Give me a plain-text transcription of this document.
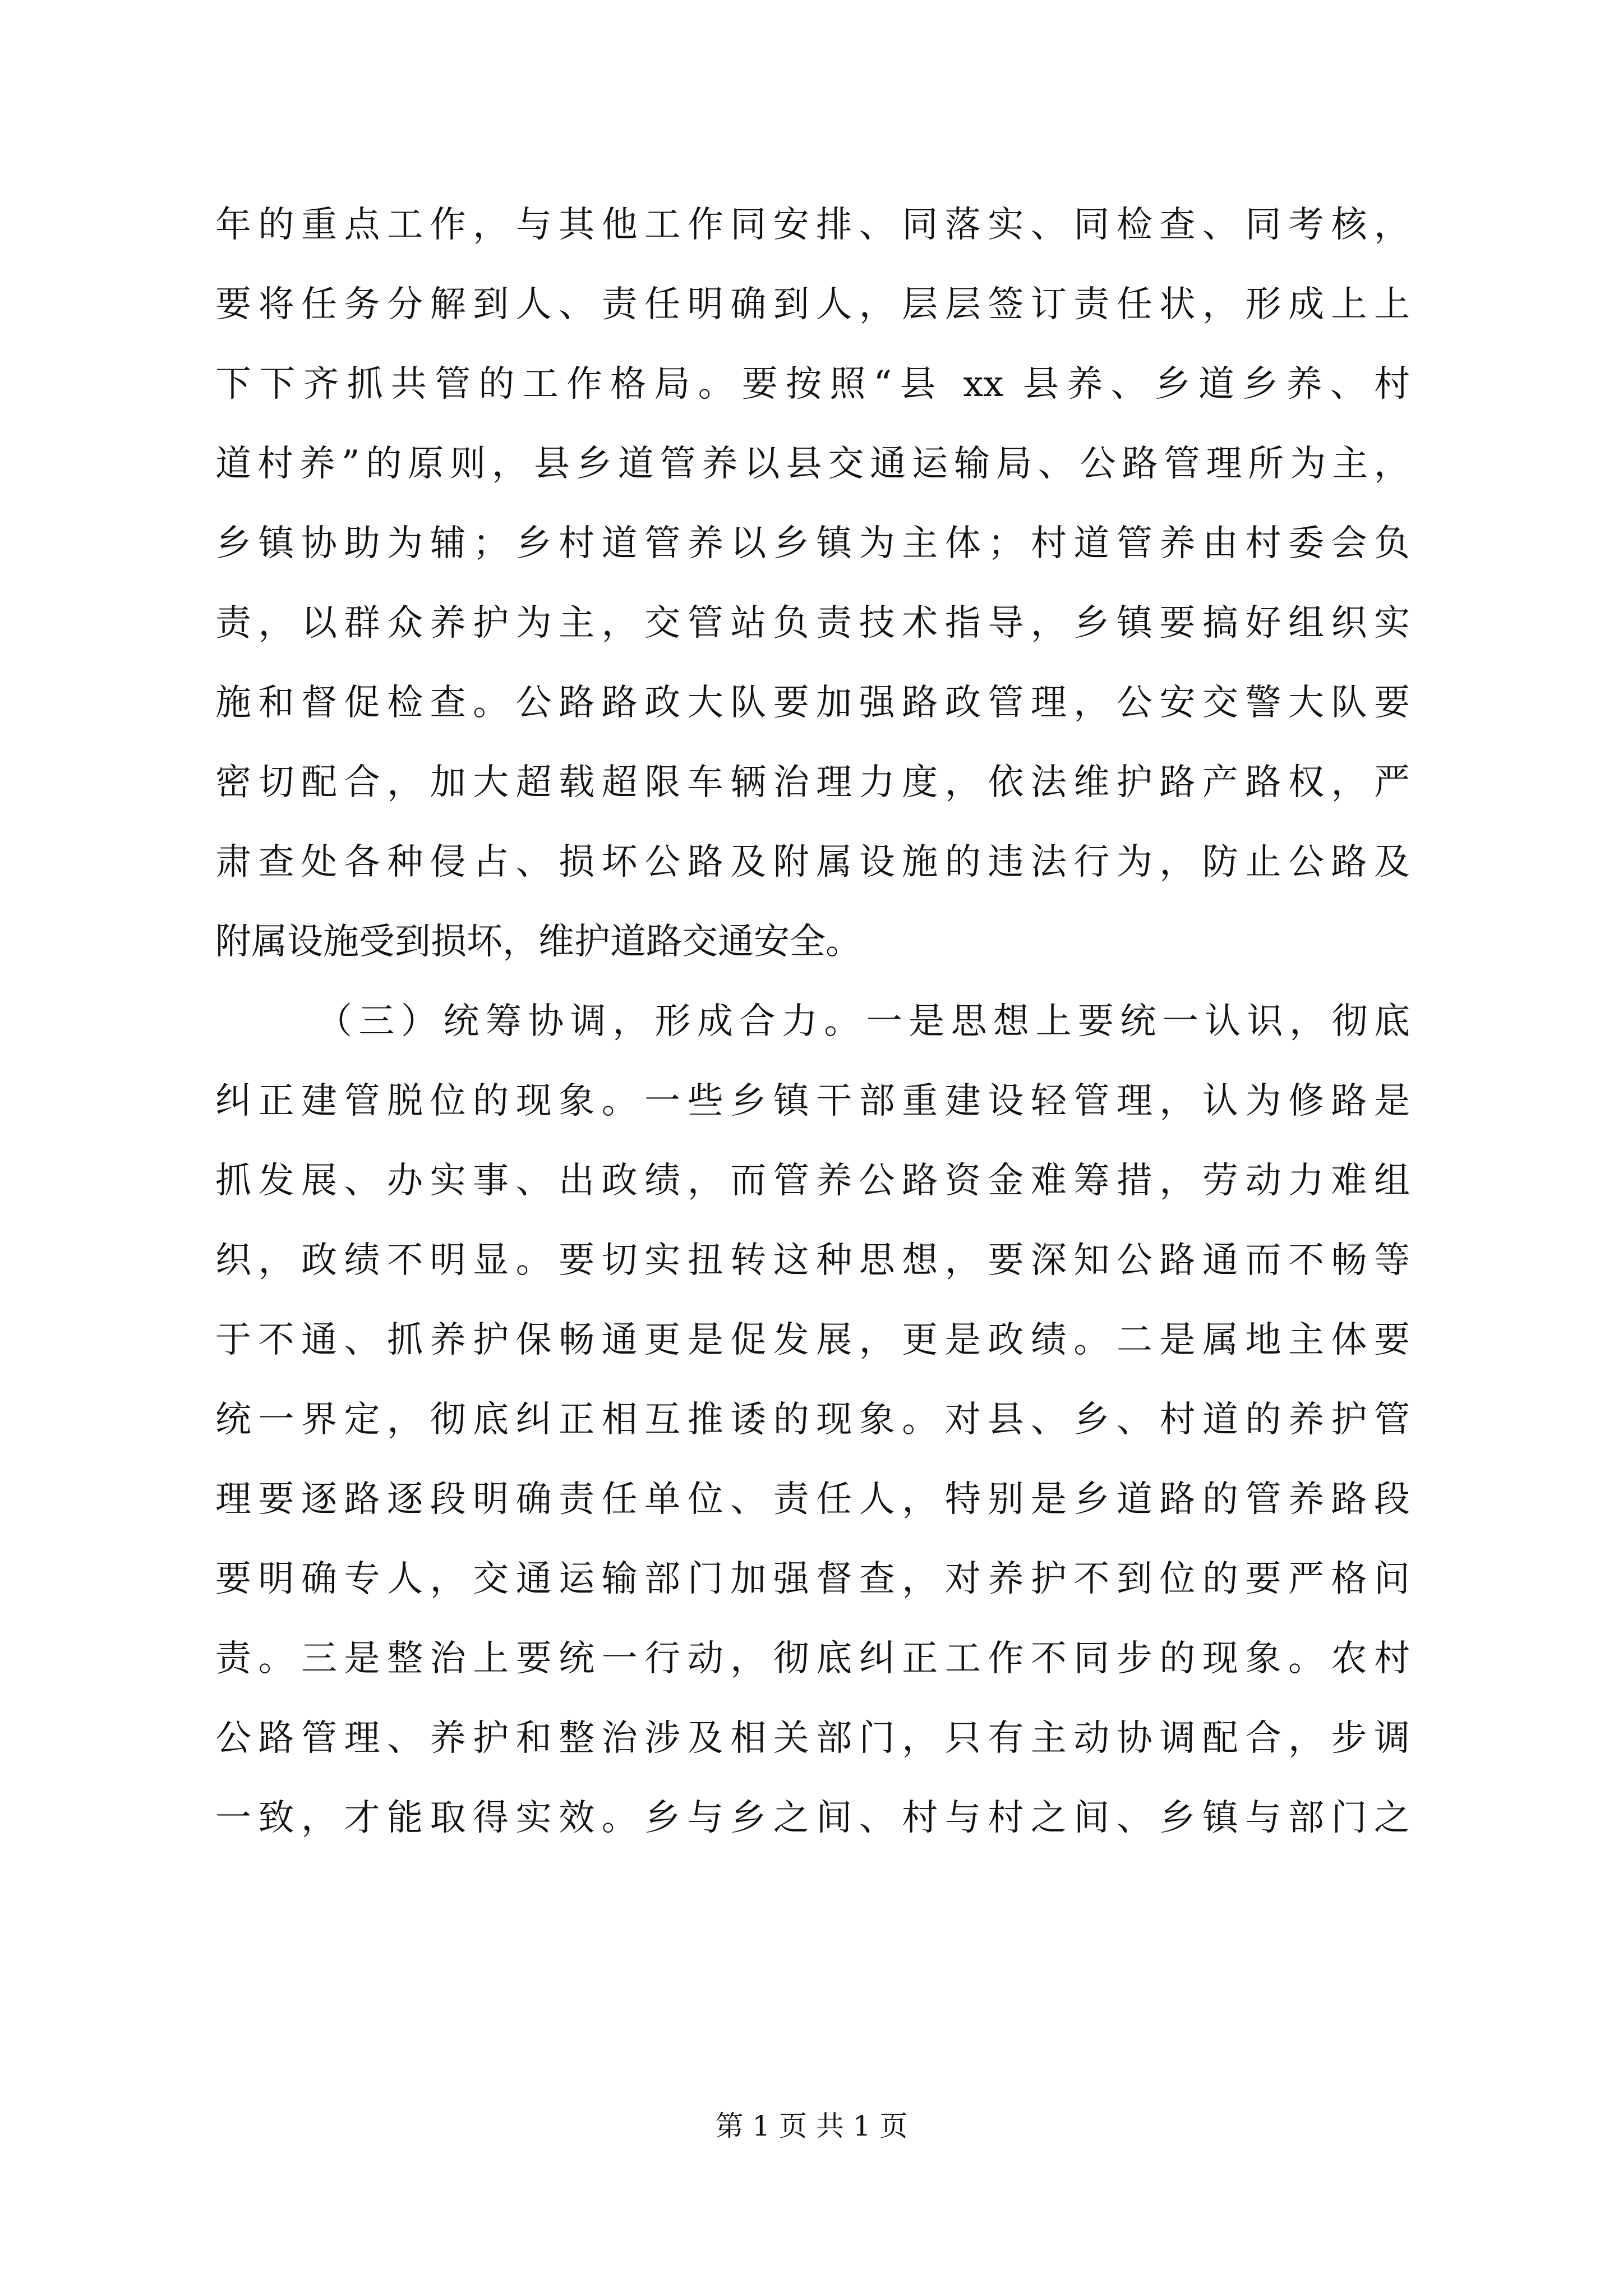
年的重点工作，与其他工作同安排、同落实、同检查、同考核，
要将任务分解到人、责任明确到人，层层签订责任状，形成上上
下下齐抓共管的工作格局。要按照“县 xx 县养、乡道乡养、村
道村养”的原则，县乡道管养以县交通运输局、公路管理所为主，
乡镇协助为辅；乡村道管养以乡镇为主体；村道管养由村委会负
责，以群众养护为主，交管站负责技术指导，乡镇要搞好组织实
施和督促检查。公路路政大队要加强路政管理，公安交警大队要
密切配合，加大超载超限车辆治理力度，依法维护路产路权，严
肃查处各种侵占、损坏公路及附属设施的违法行为，防止公路及
附属设施受到损坏，维护道路交通安全。
（三）统筹协调，形成合力。一是思想上要统一认识，彻底
纠正建管脱位的现象。一些乡镇干部重建设轻管理，认为修路是
抓发展、办实事、出政绩，而管养公路资金难筹措，劳动力难组
织，政绩不明显。要切实扭转这种思想，要深知公路通而不畅等
于不通、抓养护保畅通更是促发展，更是政绩。二是属地主体要
统一界定，彻底纠正相互推诿的现象。对县、乡、村道的养护管
理要逐路逐段明确责任单位、责任人，特别是乡道路的管养路段
要明确专人，交通运输部门加强督查，对养护不到位的要严格问
责。三是整治上要统一行动，彻底纠正工作不同步的现象。农村
公路管理、养护和整治涉及相关部门，只有主动协调配合，步调
一致，才能取得实效。乡与乡之间、村与村之间、乡镇与部门之
第 1 页 共 1 页
